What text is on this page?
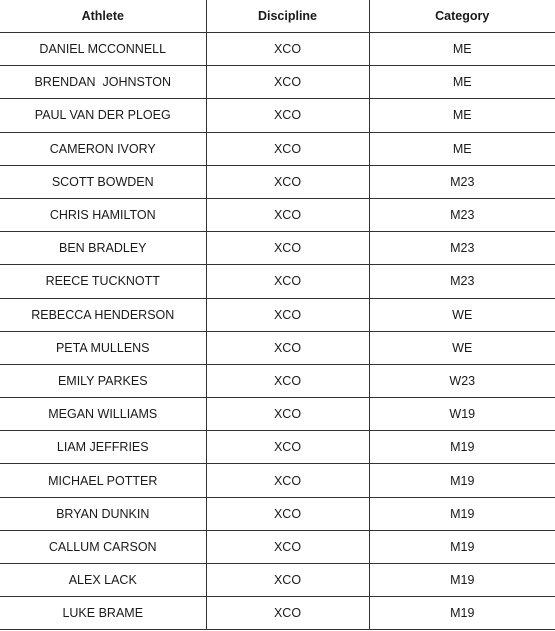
Athlete	Discipline	Category
DANIEL MCCONNELL	XCO	ME
BRENDAN  JOHNSTON	XCO	ME
PAUL VAN DER PLOEG	XCO	ME
CAMERON IVORY	XCO	ME
SCOTT BOWDEN	XCO	M23
CHRIS HAMILTON	XCO	M23
BEN BRADLEY	XCO	M23
REECE TUCKNOTT	XCO	M23
REBECCA HENDERSON	XCO	WE
PETA MULLENS	XCO	WE
EMILY PARKES	XCO	W23
MEGAN WILLIAMS	XCO	W19
LIAM JEFFRIES	XCO	M19
MICHAEL POTTER	XCO	M19
BRYAN DUNKIN	XCO	M19
CALLUM CARSON	XCO	M19
ALEX LACK	XCO	M19
LUKE BRAME	XCO	M19
